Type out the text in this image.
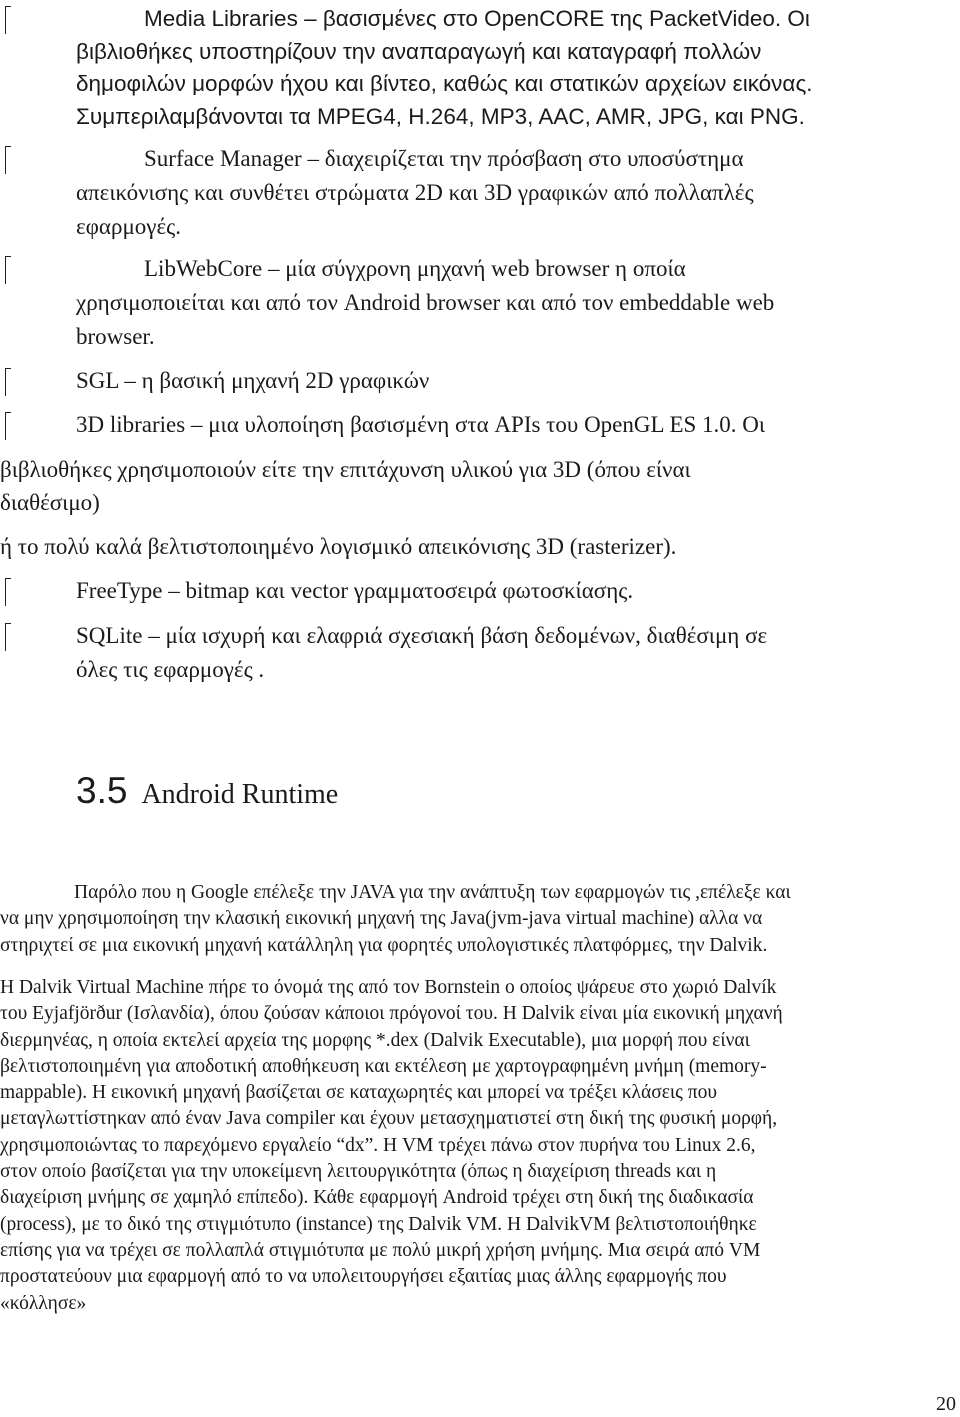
Media Libraries – βασισμένες στο OpenCORE της PacketVideo. Οι
βιβλιοθήκες υποστηρίζουν την αναπαραγωγή και καταγραφή πολλών
δημοφιλών μορφών ήχου και βίντεο, καθώς και στατικών αρχείων εικόνας.
Συμπεριλαμβάνονται τα MPEG4, H.264, MP3, AAC, AMR, JPG, και PNG.
Surface Manager – διαχειρίζεται την πρόσβαση στο υποσύστημα
απεικόνισης και συνθέτει στρώματα 2D και 3D γραφικών από πολλαπλές
εφαρμογές.
LibWebCore – μία σύγχρονη μηχανή web browser η οποία
χρησιμοποιείται και από τον Android browser και από τον embeddable web
browser.

SGL – η βασική μηχανή 2D γραφικών

3D libraries – μια υλοποίηση βασισμένη στα APIs του OpenGL ES 1.0. Οι

βιβλιοθήκες χρησιμοποιούν είτε την επιτάχυνση υλικού για 3D (όπου είναι

διαθέσιμο)

ή το πολύ καλά βελτιστοποιημένο λογισμικό απεικόνισης 3D (rasterizer).

FreeType – bitmap και vector γραμματοσειρά φωτοσκίασης.

SQLite – μία ισχυρή και ελαφριά σχεσιακή βάση δεδομένων, διαθέσιμη σε

όλες τις εφαρμογές .

3.5 Android Runtime
Παρόλο που η Google επέλεξε την JAVA για την ανάπτυξη των εφαρμογών τις ,επέλεξε και
να μην χρησιμοποίηση την κλασική εικονική μηχανή της Java(jvm-java virtual machine) αλλα να
στηριχτεί σε μια εικονική μηχανή κατάλληλη για φορητές υπολογιστικές πλατφόρμες, την Dalvik.
Η Dalvik Virtual Machine πήρε το όνομά της από τον Bornstein ο οποίος ψάρευε στο χωριό Dalvík
του Eyjafjörður (Ισλανδία), όπου ζούσαν κάποιοι πρόγονοί του. Η Dalvik είναι μία εικονική μηχανή
διερμηνέας, η οποία εκτελεί αρχεία της μορφης *.dex (Dalvik Executable), μια μορφή που είναι
βελτιστοποιημένη για αποδοτική αποθήκευση και εκτέλεση με χαρτογραφημένη μνήμη (memory-
mappable). Η εικονική μηχανή βασίζεται σε καταχωρητές και μπορεί να τρέξει κλάσεις που
μεταγλωττίστηκαν από έναν Java compiler και έχουν μετασχηματιστεί στη δική της φυσική μορφή,
χρησιμοποιώντας το παρεχόμενο εργαλείο “dx”. Η VM τρέχει πάνω στον πυρήνα του Linux 2.6,
στον οποίο βασίζεται για την υποκείμενη λειτουργικότητα (όπως η διαχείριση threads και η
διαχείριση μνήμης σε χαμηλό επίπεδο). Κάθε εφαρμογή Android τρέχει στη δική της διαδικασία
(process), με το δικό της στιγμιότυπο (instance) της Dalvik VM. Η DalvikVM βελτιστοποιήθηκε
επίσης για να τρέχει σε πολλαπλά στιγμιότυπα με πολύ μικρή χρήση μνήμης. Μια σειρά από VM
προστατεύουν μια εφαρμογή από το να υπολειτουργήσει εξαιτίας μιας άλλης εφαρμογής που
«κόλλησε»

20
